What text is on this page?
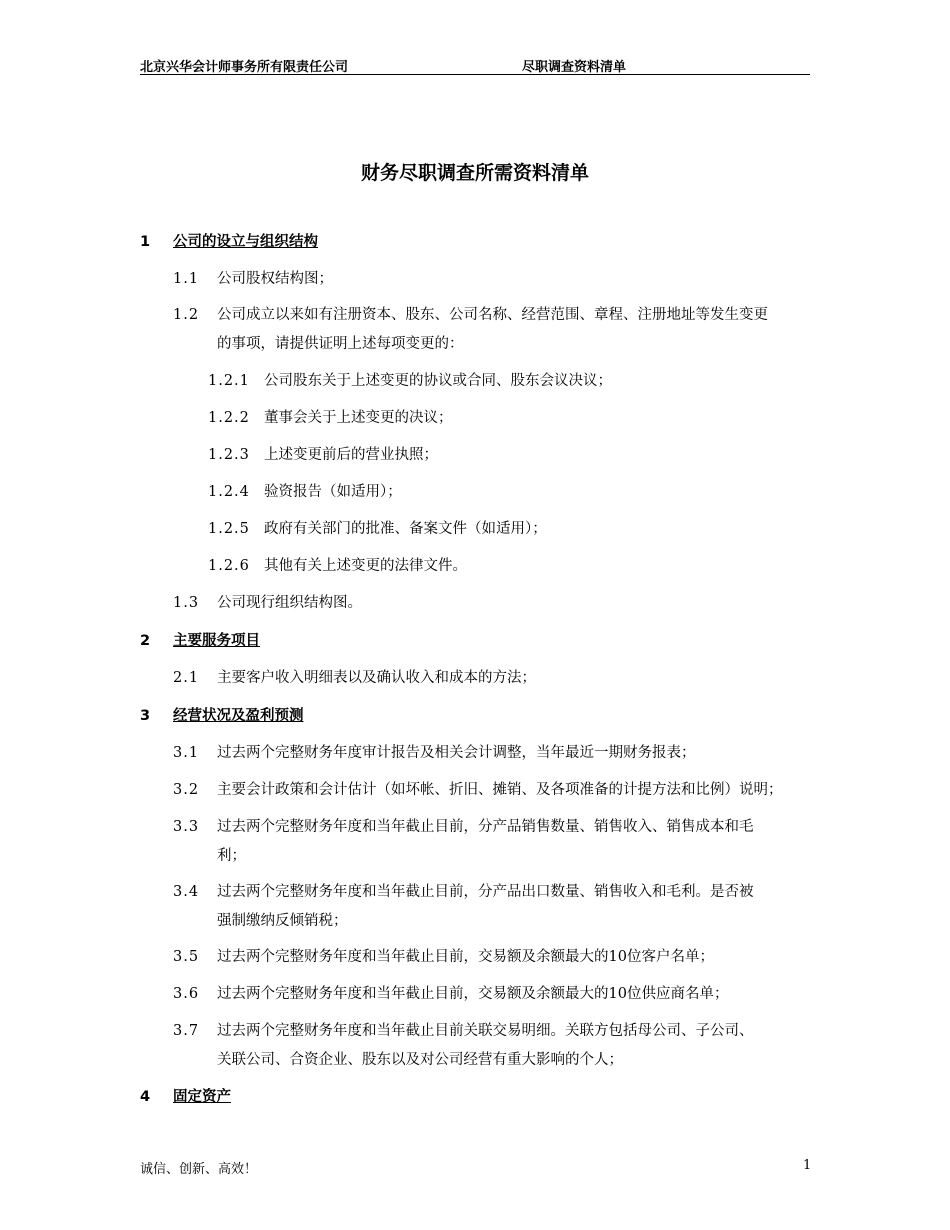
北京兴华会计师事务所有限责任公司	尽职调查资料清单
财务尽职调查所需资料清单
1 公司的设立与组织结构
1.1 公司股权结构图；
1.2 公司成立以来如有注册资本、股东、公司名称、经营范围、章程、注册地址等发生变更
的事项，请提供证明上述每项变更的：
1.2.1 公司股东关于上述变更的协议或合同、股东会议决议；
1.2.2 董事会关于上述变更的决议；
1.2.3 上述变更前后的营业执照；
1.2.4 验资报告（如适用）；
1.2.5 政府有关部门的批准、备案文件（如适用）；
1.2.6 其他有关上述变更的法律文件。
1.3 公司现行组织结构图。
2 主要服务项目
2.1 主要客户收入明细表以及确认收入和成本的方法；
3 经营状况及盈利预测
3.1 过去两个完整财务年度审计报告及相关会计调整，当年最近一期财务报表；
3.2 主要会计政策和会计估计（如坏帐、折旧、摊销、及各项准备的计提方法和比例）说明；
3.3 过去两个完整财务年度和当年截止目前，分产品销售数量、销售收入、销售成本和毛
利；
3.4 过去两个完整财务年度和当年截止目前，分产品出口数量、销售收入和毛利。是否被
强制缴纳反倾销税；
3.5 过去两个完整财务年度和当年截止目前，交易额及余额最大的10位客户名单；
3.6 过去两个完整财务年度和当年截止目前，交易额及余额最大的10位供应商名单；
3.7 过去两个完整财务年度和当年截止目前关联交易明细。关联方包括母公司、子公司、
关联公司、合资企业、股东以及对公司经营有重大影响的个人；
4 固定资产
诚信、创新、高效！	1
